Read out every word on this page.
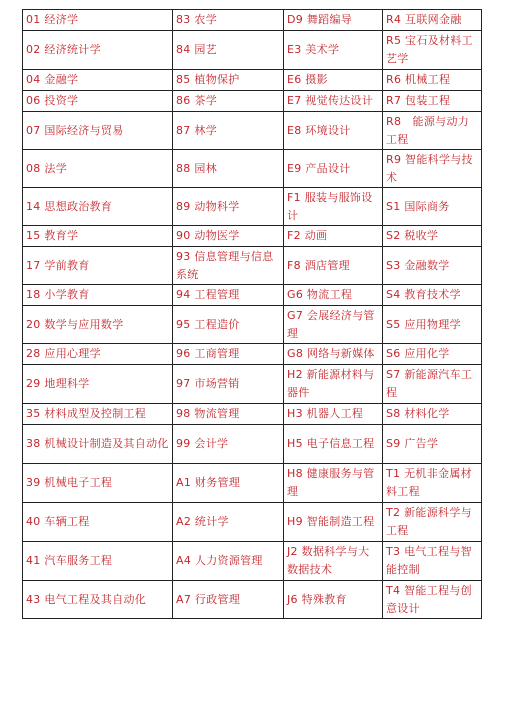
01 经济学	83 农学	D9 舞蹈编导	R4 互联网金融
02 经济统计学	84 园艺	E3 美术学	R5 宝石及材料工艺学
04 金融学	85 植物保护	E6 摄影	R6 机械工程
06 投资学	86 茶学	E7 视觉传达设计	R7 包装工程
07 国际经济与贸易	87 林学	E8 环境设计	R8　能源与动力工程
08 法学	88 园林	E9 产品设计	R9 智能科学与技术
14 思想政治教育	89 动物科学	F1 服装与服饰设计	S1 国际商务
15 教育学	90 动物医学	F2 动画	S2 税收学
17 学前教育	93 信息管理与信息系统	F8 酒店管理	S3 金融数学
18 小学教育	94 工程管理	G6 物流工程	S4 教育技术学
20 数学与应用数学	95 工程造价	G7 会展经济与管理	S5 应用物理学
28 应用心理学	96 工商管理	G8 网络与新媒体	S6 应用化学
29 地理科学	97 市场营销	H2 新能源材料与器件	S7 新能源汽车工程
35 材料成型及控制工程	98 物流管理	H3 机器人工程	S8 材料化学
38 机械设计制造及其自动化	99 会计学	H5 电子信息工程	S9 广告学
39 机械电子工程	A1 财务管理	H8 健康服务与管理	T1 无机非金属材料工程
40 车辆工程	A2 统计学	H9 智能制造工程	T2 新能源科学与工程
41 汽车服务工程	A4 人力资源管理	J2 数据科学与大数据技术	T3 电气工程与智能控制
43 电气工程及其自动化	A7 行政管理	J6 特殊教育	T4 智能工程与创意设计
